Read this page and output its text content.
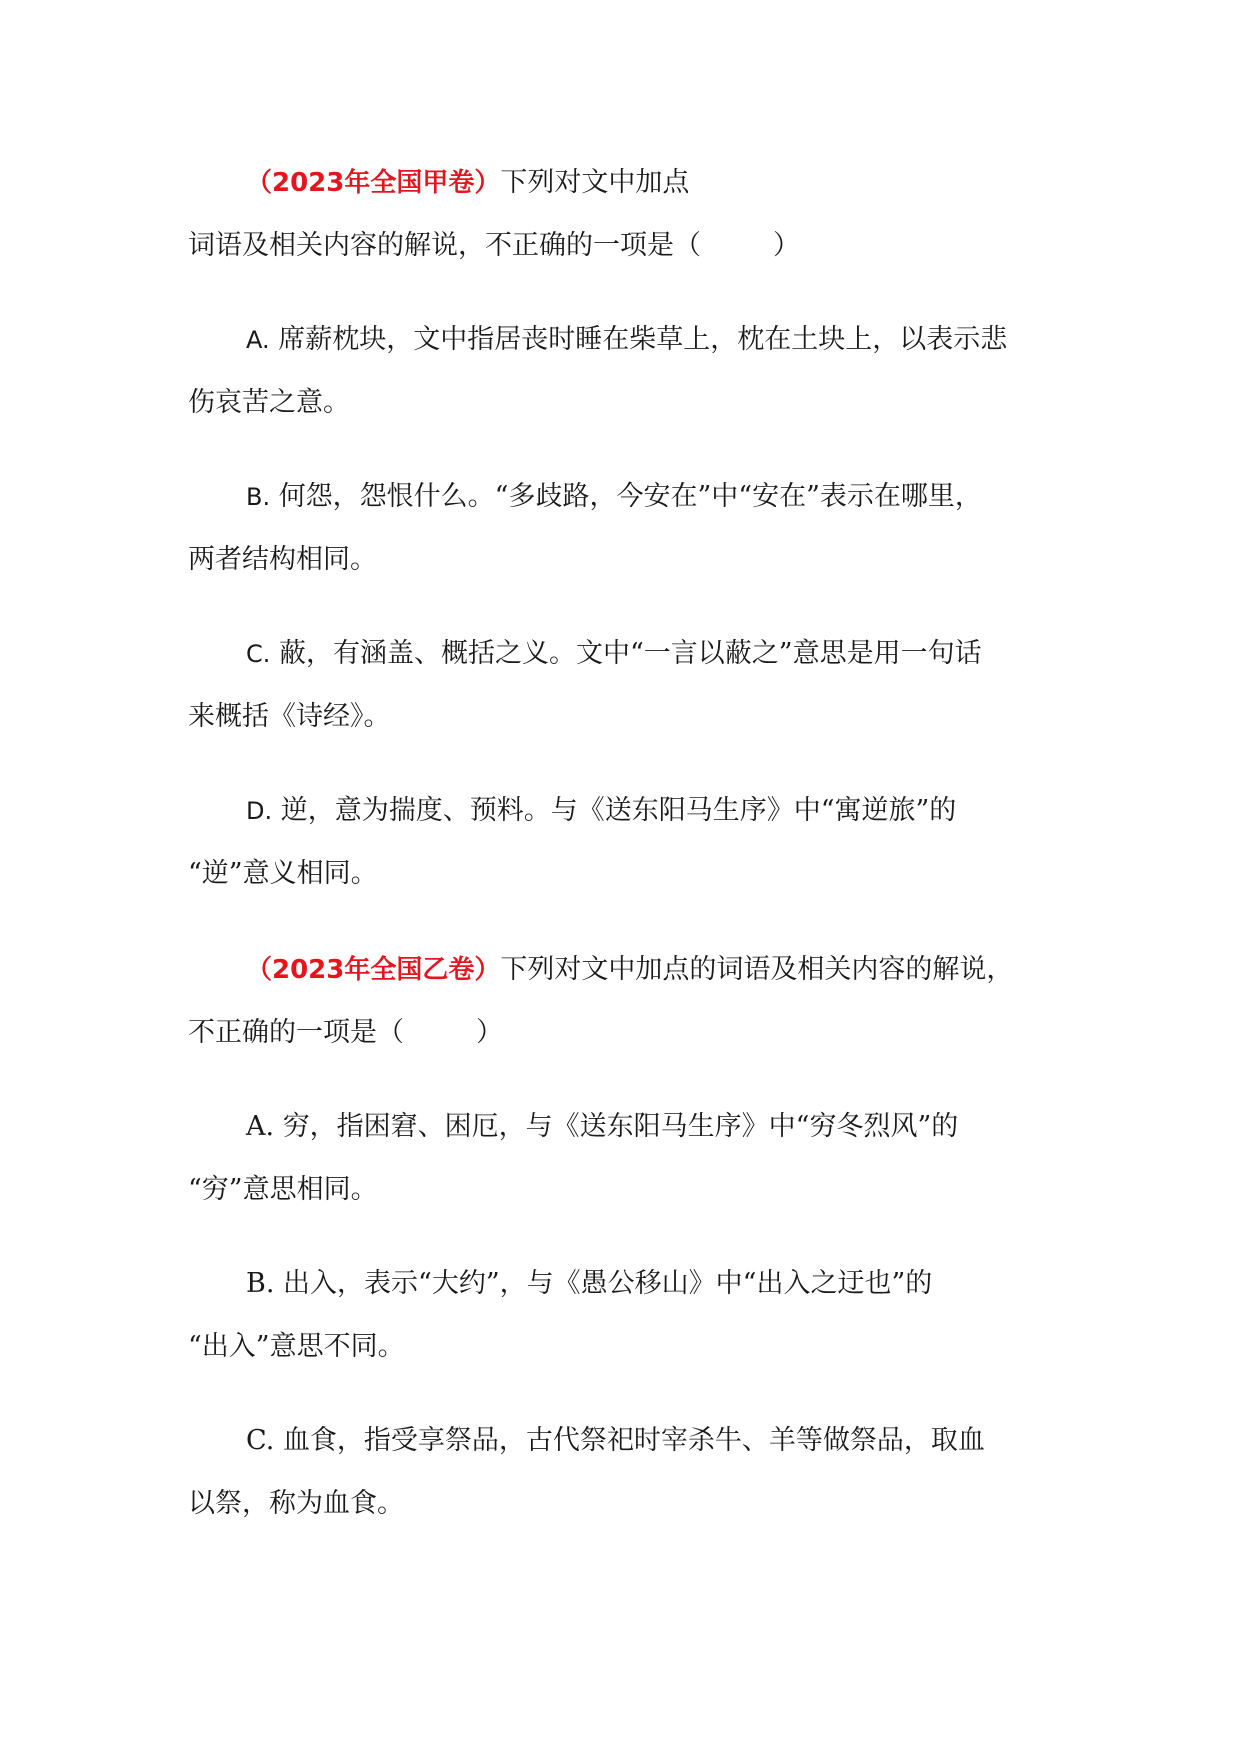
（2023年全国甲卷）下列对文中加点
词语及相关内容的解说，不正确的一项是（	）
A. 席薪枕块，文中指居丧时睡在柴草上，枕在土块上，以表示悲
伤哀苦之意。
B. 何怨，怨恨什么。“多歧路，今安在”中“安在”表示在哪里，
两者结构相同。
C. 蔽，有涵盖、概括之义。文中“一言以蔽之”意思是用一句话
来概括《诗经》。
D. 逆，意为揣度、预料。与《送东阳马生序》中“寓逆旅”的
“逆”意义相同。
（2023年全国乙卷）下列对文中加点的词语及相关内容的解说，
不正确的一项是（	）
A. 穷，指困窘、困厄，与《送东阳马生序》中“穷冬烈风”的
“穷”意思相同。
B. 出入，表示“大约”，与《愚公移山》中“出入之迂也”的
“出入”意思不同。
C. 血食，指受享祭品，古代祭祀时宰杀牛、羊等做祭品，取血
以祭，称为血食。
